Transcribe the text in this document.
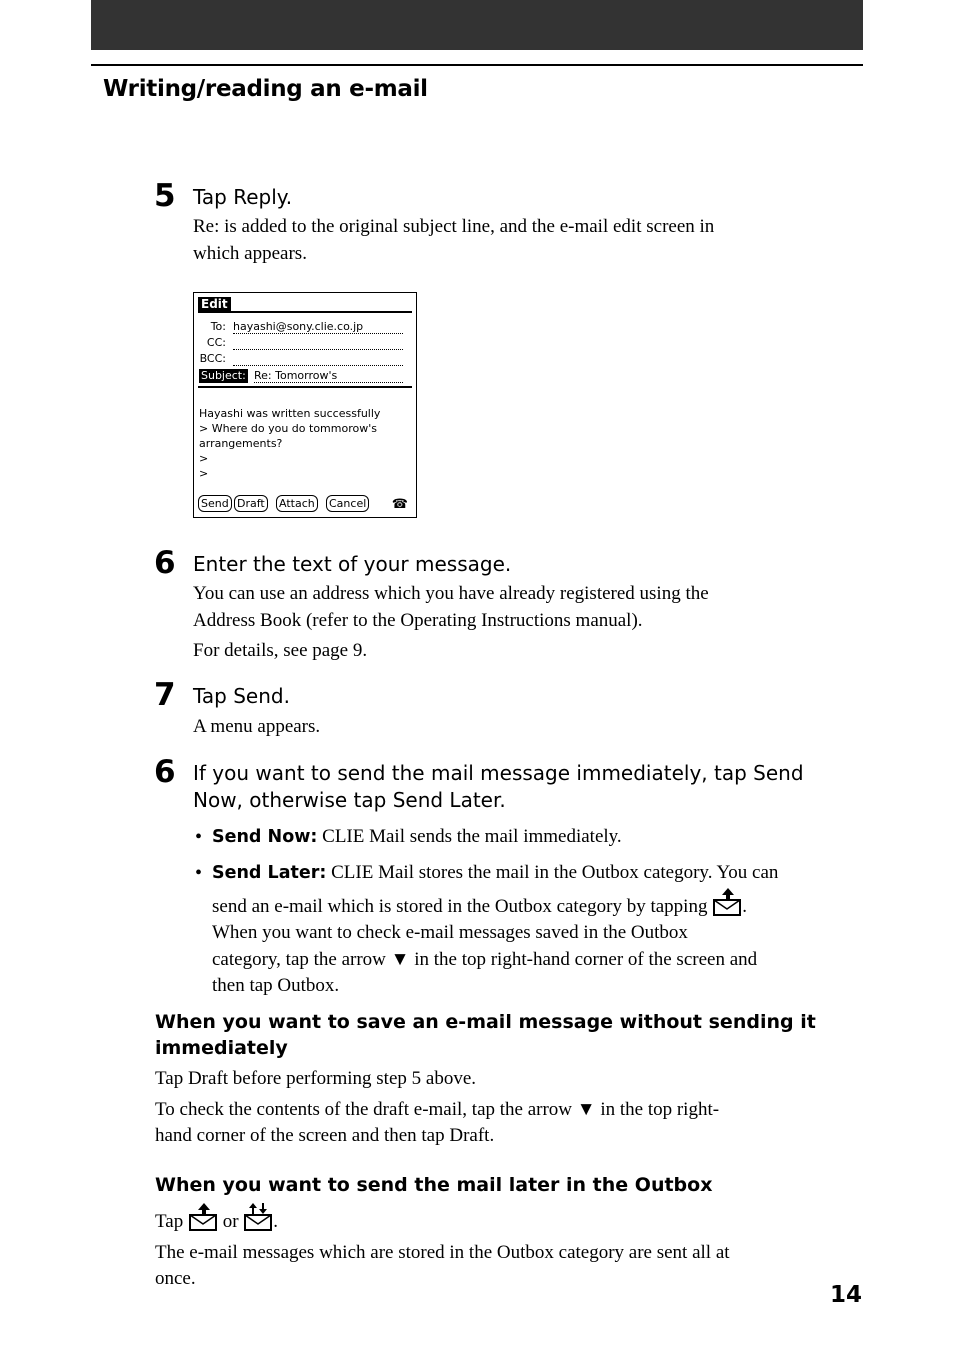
Writing/reading an e-mail
5 Tap Reply.
Re: is added to the original subject line, and the e-mail edit screen in
which appears.
Edit
To: hayashi@sony.clie.co.jp
CC:
BCC:
Subject: Re: Tomorrow's
Hayashi was written successfully
> Where do you do tommorow's
arrangements?
>
>
Send Draft Attach Cancel ☎
6 Enter the text of your message.
You can use an address which you have already registered using the
Address Book (refer to the Operating Instructions manual).
For details, see page 9.
7 Tap Send.
A menu appears.
6 If you want to send the mail message immediately, tap Send
Now, otherwise tap Send Later.
• Send Now: CLIE Mail sends the mail immediately.
• Send Later: CLIE Mail stores the mail in the Outbox category. You can
send an e-mail which is stored in the Outbox category by tapping .
When you want to check e-mail messages saved in the Outbox
category, tap the arrow ▼ in the top right-hand corner of the screen and
then tap Outbox.
When you want to save an e-mail message without sending it
immediately
Tap Draft before performing step 5 above.
To check the contents of the draft e-mail, tap the arrow ▼ in the top right-
hand corner of the screen and then tap Draft.
When you want to send the mail later in the Outbox
Tap  or .
The e-mail messages which are stored in the Outbox category are sent all at
once.
14
